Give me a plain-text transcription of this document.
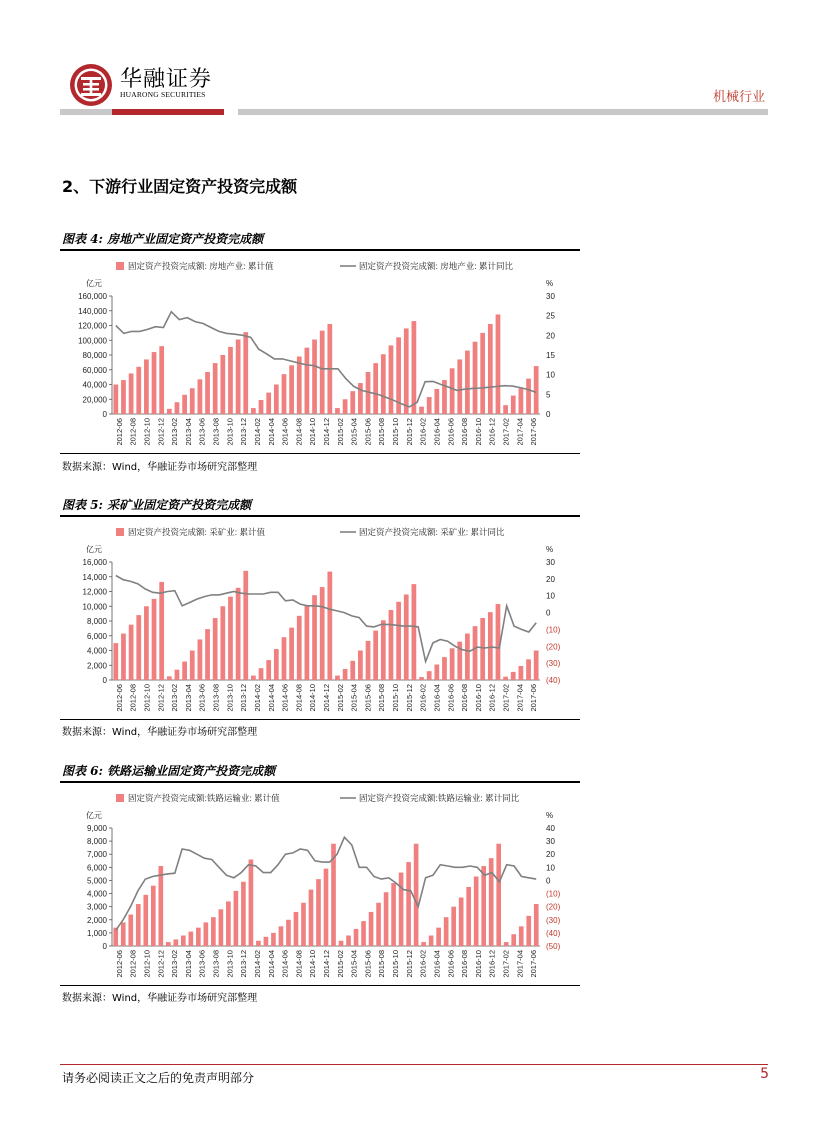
华融证券
HUARONG SECURITIES	机械行业
2、下游行业固定资产投资完成额
图表 4: 房地产业固定资产投资完成额
固定资产投资完成额: 房地产业: 累计值	固定资产投资完成额: 房地产业: 累计同比
亿元	%
0
20,000
40,000
60,000
80,000
100,000
120,000
140,000
160,000
0
5
10
15
20
25
30
2012-06 2012-08 2012-10 2012-12 2013-02 2013-04 2013-06 2013-08 2013-10 2013-12 2014-02 2014-04 2014-06 2014-08 2014-10 2014-12 2015-02 2015-04 2015-06 2015-08 2015-10 2015-12 2016-02 2016-04 2016-06 2016-08 2016-10 2016-12 2017-02 2017-04 2017-06
数据来源：Wind，华融证券市场研究部整理
图表 5: 采矿业固定资产投资完成额
固定资产投资完成额: 采矿业: 累计值	固定资产投资完成额: 采矿业: 累计同比
亿元	%
0
2,000
4,000
6,000
8,000
10,000
12,000
14,000
16,000
(40)
(30)
(20)
(10)
0
10
20
30
2012-06 2012-08 2012-10 2012-12 2013-02 2013-04 2013-06 2013-08 2013-10 2013-12 2014-02 2014-04 2014-06 2014-08 2014-10 2014-12 2015-02 2015-04 2015-06 2015-08 2015-10 2015-12 2016-02 2016-04 2016-06 2016-08 2016-10 2016-12 2017-02 2017-04 2017-06
数据来源：Wind，华融证券市场研究部整理
图表 6: 铁路运输业固定资产投资完成额
固定资产投资完成额:铁路运输业: 累计值	固定资产投资完成额:铁路运输业: 累计同比
亿元	%
0
1,000
2,000
3,000
4,000
5,000
6,000
7,000
8,000
9,000
(50)
(40)
(30)
(20)
(10)
0
10
20
30
40
2012-06 2012-08 2012-10 2012-12 2013-02 2013-04 2013-06 2013-08 2013-10 2013-12 2014-02 2014-04 2014-06 2014-08 2014-10 2014-12 2015-02 2015-04 2015-06 2015-08 2015-10 2015-12 2016-02 2016-04 2016-06 2016-08 2016-10 2016-12 2017-02 2017-04 2017-06
数据来源：Wind，华融证券市场研究部整理
请务必阅读正文之后的免责声明部分	5
